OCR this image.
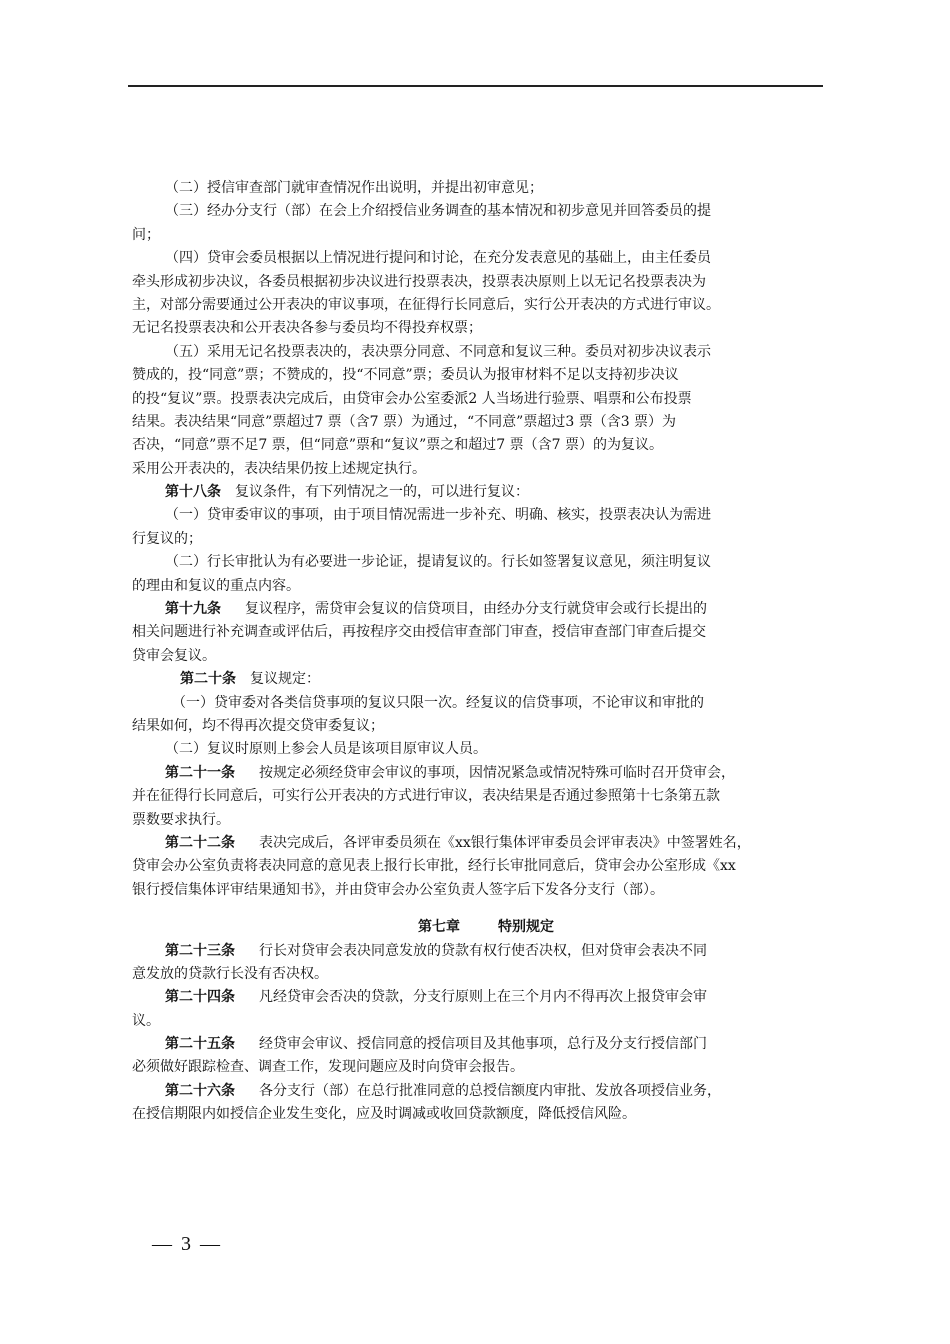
（二）授信审查部门就审查情况作出说明，并提出初审意见；
（三）经办分支行（部）在会上介绍授信业务调查的基本情况和初步意见并回答委员的提
问；
（四）贷审会委员根据以上情况进行提问和讨论，在充分发表意见的基础上，由主任委员
牵头形成初步决议，各委员根据初步决议进行投票表决，投票表决原则上以无记名投票表决为
主，对部分需要通过公开表决的审议事项，在征得行长同意后，实行公开表决的方式进行审议。
无记名投票表决和公开表决各参与委员均不得投弃权票；
（五）采用无记名投票表决的，表决票分同意、不同意和复议三种。委员对初步决议表示
赞成的，投“同意”票；不赞成的，投“不同意”票；委员认为报审材料不足以支持初步决议
的投“复议”票。投票表决完成后，由贷审会办公室委派2 人当场进行验票、唱票和公布投票
结果。表决结果“同意”票超过7 票（含7 票）为通过，“不同意”票超过3 票（含3 票）为
否决，“同意”票不足7 票，但“同意”票和“复议”票之和超过7 票（含7 票）的为复议。
采用公开表决的，表决结果仍按上述规定执行。
第十八条 复议条件，有下列情况之一的，可以进行复议：
（一）贷审委审议的事项，由于项目情况需进一步补充、明确、核实，投票表决认为需进
行复议的；
（二）行长审批认为有必要进一步论证，提请复议的。行长如签署复议意见，须注明复议
的理由和复议的重点内容。
第十九条 复议程序，需贷审会复议的信贷项目，由经办分支行就贷审会或行长提出的
相关问题进行补充调查或评估后，再按程序交由授信审查部门审查，授信审查部门审查后提交
贷审会复议。
第二十条 复议规定：
（一）贷审委对各类信贷事项的复议只限一次。经复议的信贷事项，不论审议和审批的
结果如何，均不得再次提交贷审委复议；
（二）复议时原则上参会人员是该项目原审议人员。
第二十一条 按规定必须经贷审会审议的事项，因情况紧急或情况特殊可临时召开贷审会，
并在征得行长同意后，可实行公开表决的方式进行审议，表决结果是否通过参照第十七条第五款
票数要求执行。
第二十二条 表决完成后，各评审委员须在《xx银行集体评审委员会评审表决》中签署姓名，
贷审会办公室负责将表决同意的意见表上报行长审批，经行长审批同意后，贷审会办公室形成《xx
银行授信集体评审结果通知书》，并由贷审会办公室负责人签字后下发各分支行（部）。
第七章	特别规定
第二十三条 行长对贷审会表决同意发放的贷款有权行使否决权，但对贷审会表决不同
意发放的贷款行长没有否决权。
第二十四条 凡经贷审会否决的贷款，分支行原则上在三个月内不得再次上报贷审会审
议。
第二十五条 经贷审会审议、授信同意的授信项目及其他事项，总行及分支行授信部门
必须做好跟踪检查、调查工作，发现问题应及时向贷审会报告。
第二十六条 各分支行（部）在总行批准同意的总授信额度内审批、发放各项授信业务，
在授信期限内如授信企业发生变化，应及时调减或收回贷款额度，降低授信风险。
— 3 —
